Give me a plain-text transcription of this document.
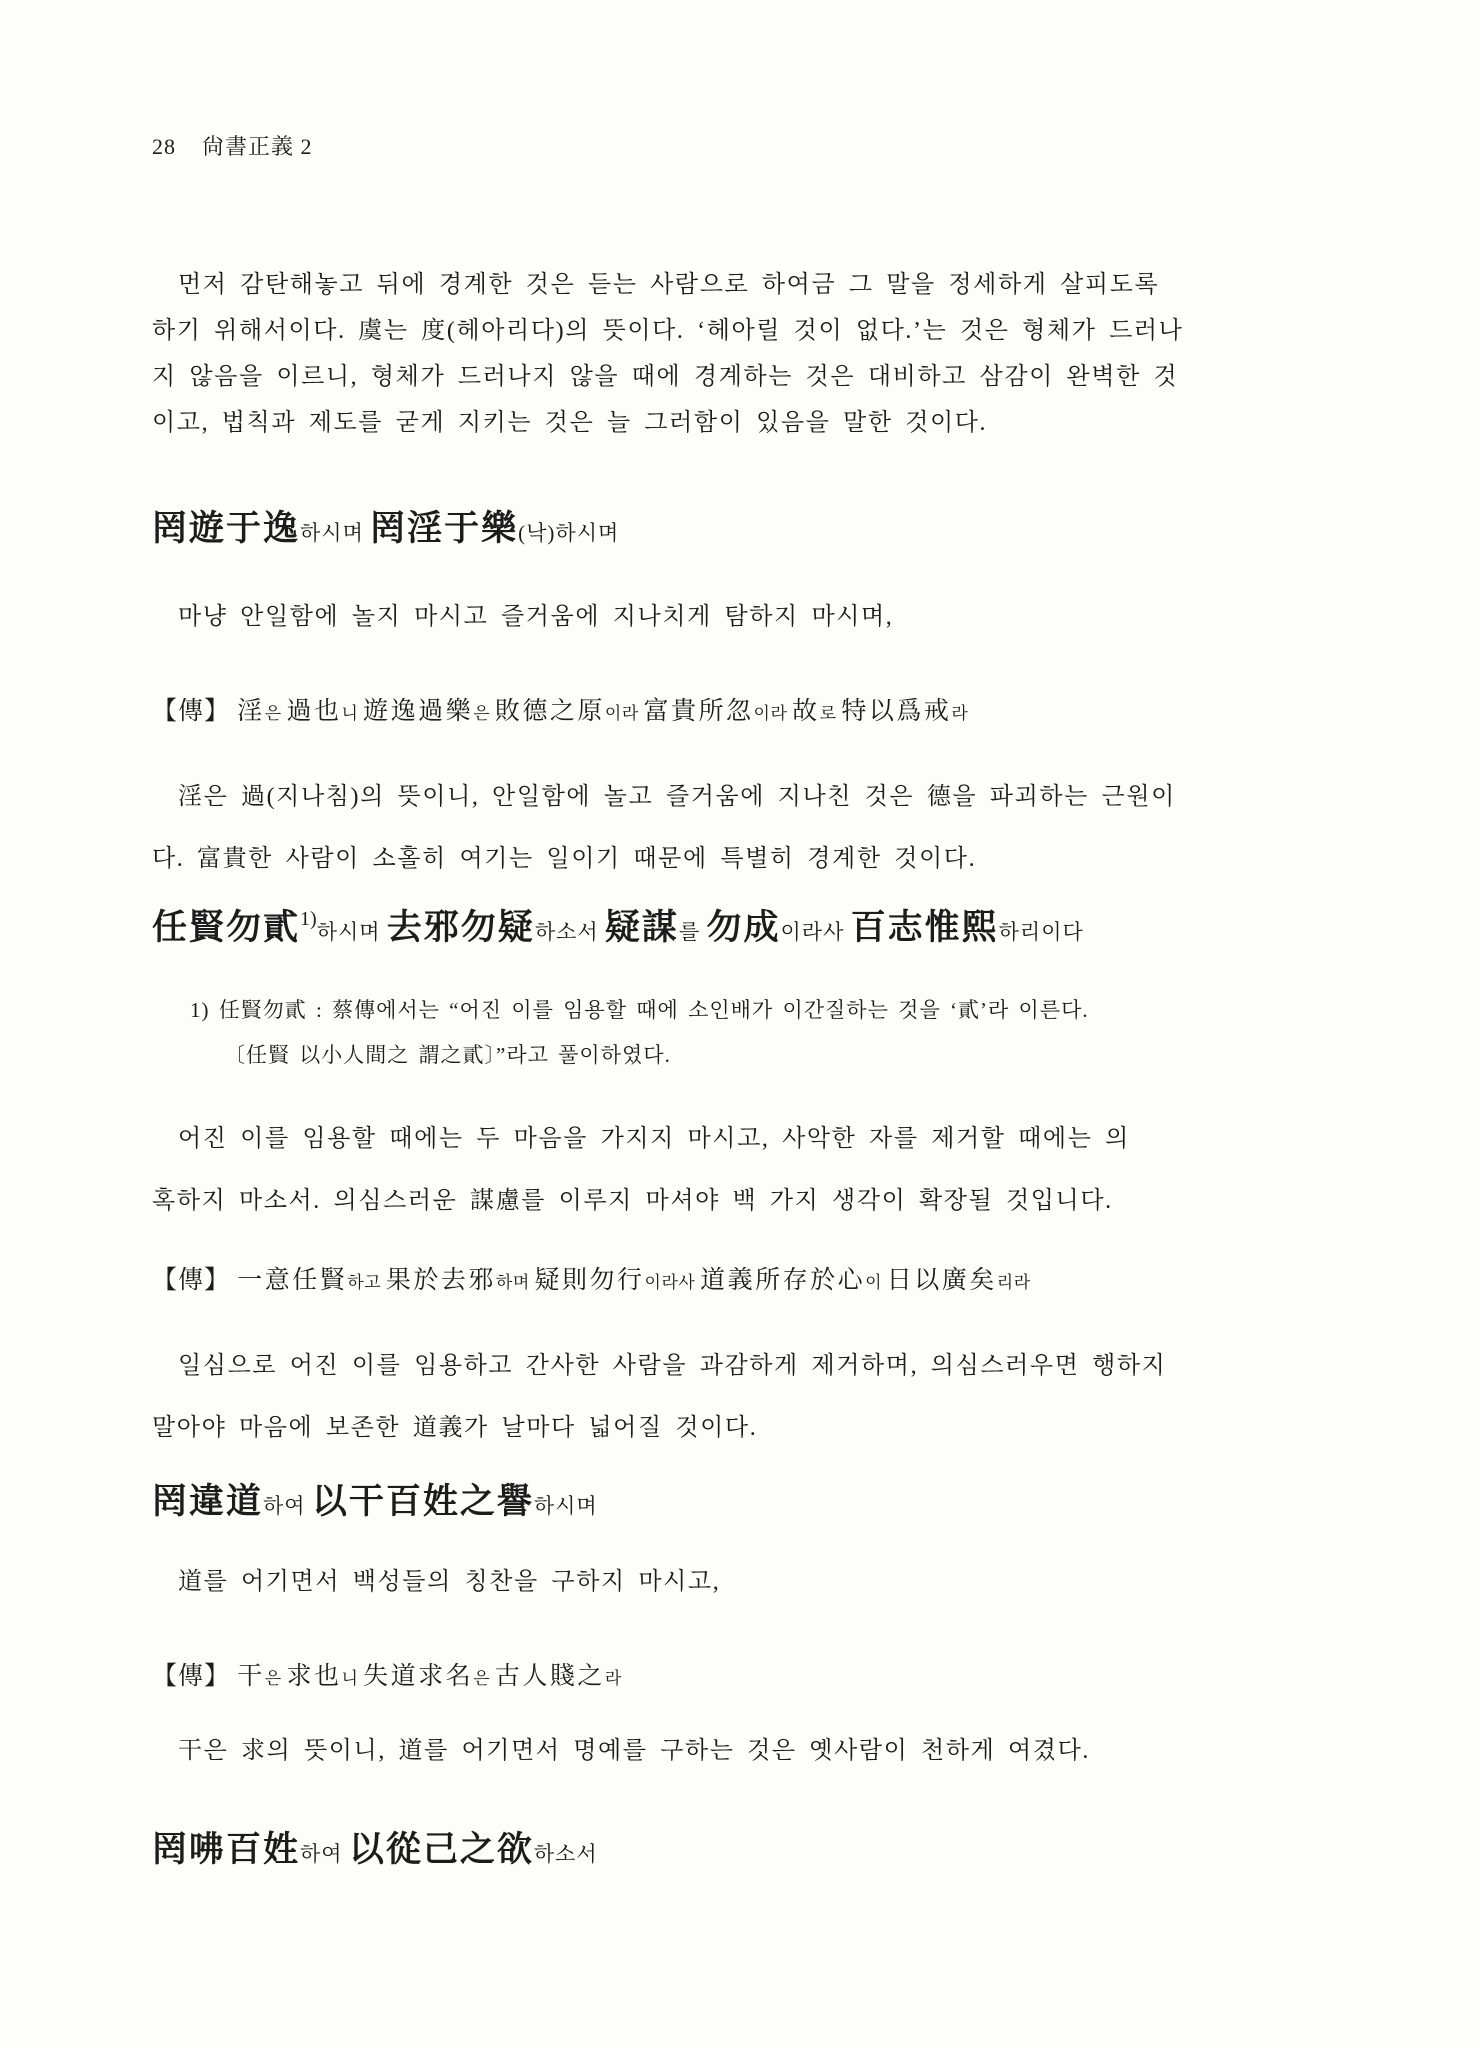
28 尙書正義 2
먼저 감탄해놓고 뒤에 경계한 것은 듣는 사람으로 하여금 그 말을 정세하게 살피도록
하기 위해서이다. 虞는 度(헤아리다)의 뜻이다. ‘헤아릴 것이 없다.’는 것은 형체가 드러나
지 않음을 이르니, 형체가 드러나지 않을 때에 경계하는 것은 대비하고 삼감이 완벽한 것
이고, 법칙과 제도를 굳게 지키는 것은 늘 그러함이 있음을 말한 것이다.
罔遊于逸하시며 罔淫于樂(낙)하시며
마냥 안일함에 놀지 마시고 즐거움에 지나치게 탐하지 마시며,
【傳】 淫은 過也니 遊逸過樂은 敗德之原이라 富貴所忽이라 故로 特以爲戒라
淫은 過(지나침)의 뜻이니, 안일함에 놀고 즐거움에 지나친 것은 德을 파괴하는 근원이
다. 富貴한 사람이 소홀히 여기는 일이기 때문에 특별히 경계한 것이다.
任賢勿貳1)하시며 去邪勿疑하소서 疑謀를 勿成이라사 百志惟熙하리이다
1) 任賢勿貳 : 蔡傳에서는 “어진 이를 임용할 때에 소인배가 이간질하는 것을 ‘貳’라 이른다.
〔任賢 以小人間之 謂之貳〕”라고 풀이하였다.
어진 이를 임용할 때에는 두 마음을 가지지 마시고, 사악한 자를 제거할 때에는 의
혹하지 마소서. 의심스러운 謀慮를 이루지 마셔야 백 가지 생각이 확장될 것입니다.
【傳】 一意任賢하고 果於去邪하며 疑則勿行이라사 道義所存於心이 日以廣矣리라
일심으로 어진 이를 임용하고 간사한 사람을 과감하게 제거하며, 의심스러우면 행하지
말아야 마음에 보존한 道義가 날마다 넓어질 것이다.
罔違道하여 以干百姓之譽하시며
道를 어기면서 백성들의 칭찬을 구하지 마시고,
【傳】 干은 求也니 失道求名은 古人賤之라
干은 求의 뜻이니, 道를 어기면서 명예를 구하는 것은 옛사람이 천하게 여겼다.
罔咈百姓하여 以從己之欲하소서
